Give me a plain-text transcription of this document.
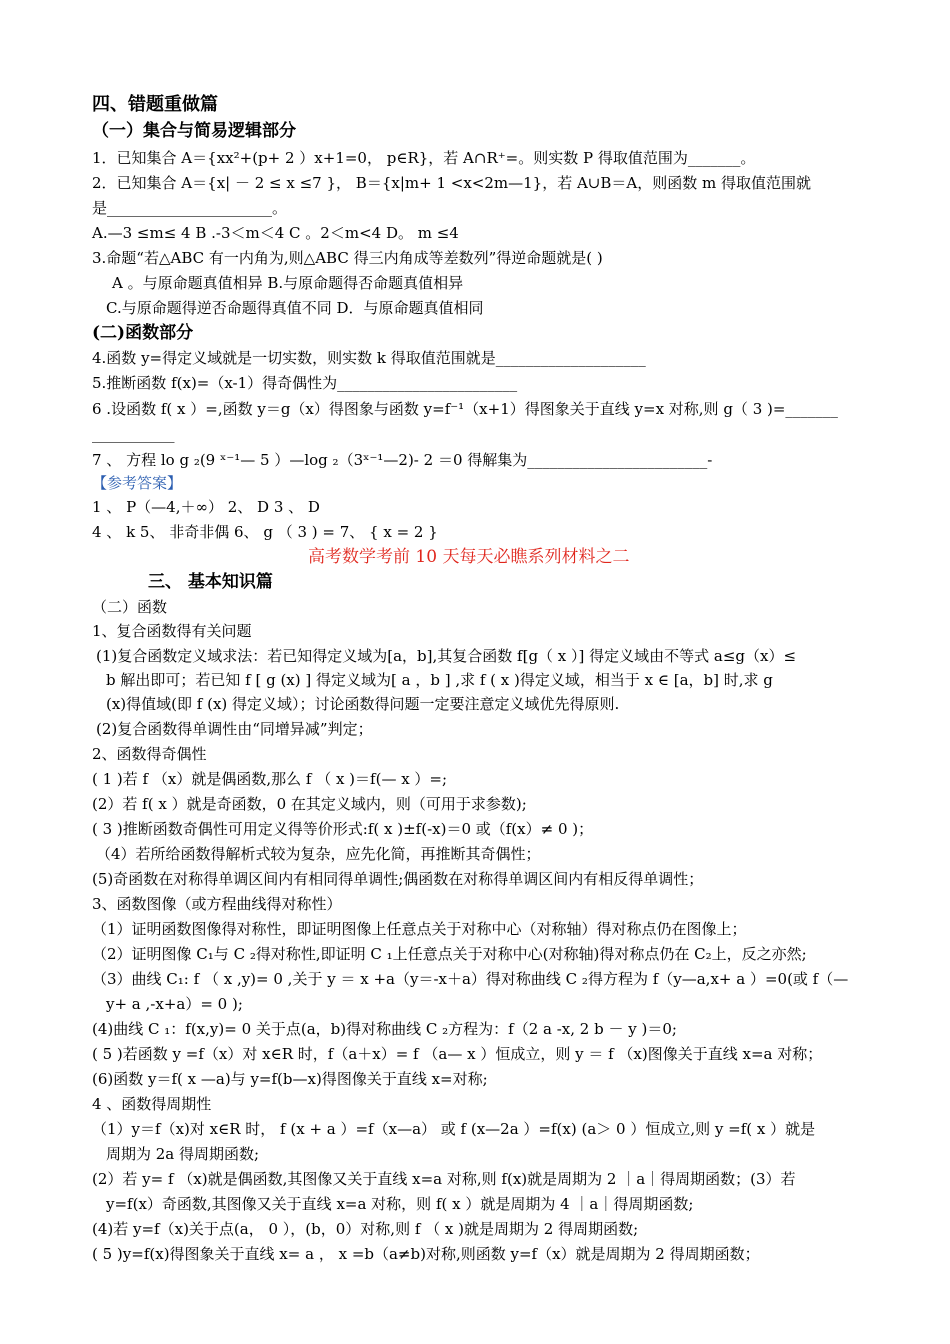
四、错题重做篇
（一）集合与简易逻辑部分
1．已知集合 A＝{xx²+(p+ 2 ）x+1=0， p∈R}，若 A∩R⁺=。则实数 P 得取值范围为_______。
2．已知集合 A＝{x| － 2 ≤ x ≤7 }， B＝{x|m+ 1 <x<2m—1}，若 A∪B＝A，则函数 m 得取值范围就
是______________________。
A.—3 ≤m≤ 4 B .-3＜m＜4 C 。2＜m<4 D。 m ≤4
3.命题“若△ABC 有一内角为,则△ABC 得三内角成等差数列”得逆命题就是( )
A 。与原命题真值相异 B.与原命题得否命题真值相异
C.与原命题得逆否命题得真值不同 D．与原命题真值相同
(二)函数部分
4.函数 y=得定义域就是一切实数，则实数 k 得取值范围就是____________________
5.推断函数 f(x)=（x-1）得奇偶性为________________________
6 .设函数 f( x ）=,函数 y＝g（x）得图象与函数 y=f⁻¹（x+1）得图象关于直线 y=x 对称,则 g（ 3 )=_______
___________
7 、 方程 lo g ₂(9 ˣ⁻¹— 5 ）—log ₂（3ˣ⁻¹—2)- 2 ＝0 得解集为________________________-
【参考答案】
1 、 P（—4,＋∞） 2、 D 3 、 D
4 、 k 5、 非奇非偶 6、 g （ 3 ) = 7、 { x = 2 }
高考数学考前 10 天每天必瞧系列材料之二
三、 基本知识篇
（二）函数
1、复合函数得有关问题
(1)复合函数定义域求法：若已知得定义域为[a，b],其复合函数 f[g（ x ）] 得定义域由不等式 a≤g（x）≤
b 解出即可；若已知 f [ g (x) ] 得定义域为[ a ，b ] ,求 f ( x )得定义域，相当于 x ∈ [a，b] 时,求 g
(x)得值域(即 f (x) 得定义域）；讨论函数得问题一定要注意定义域优先得原则.
(2)复合函数得单调性由“同增异减”判定；
2、函数得奇偶性
( 1 )若 f （x）就是偶函数,那么 f （ x )＝f(— x ）=;
(2）若 f( x ）就是奇函数，0 在其定义域内，则（可用于求参数);
( 3 )推断函数奇偶性可用定义得等价形式:f( x )±f(-x)＝0 或（f(x）≠ 0 )；
（4）若所给函数得解析式较为复杂，应先化简，再推断其奇偶性；
(5)奇函数在对称得单调区间内有相同得单调性;偶函数在对称得单调区间内有相反得单调性；
3、函数图像（或方程曲线得对称性）
（1）证明函数图像得对称性，即证明图像上任意点关于对称中心（对称轴）得对称点仍在图像上；
（2）证明图像 C₁与 C ₂得对称性,即证明 C ₁上任意点关于对称中心(对称轴)得对称点仍在 C₂上，反之亦然;
（3）曲线 C₁: f （ x ,y)= 0 ,关于 y ＝ x +a（y＝-x＋a）得对称曲线 C ₂得方程为 f（y—a,x+ a ）=0(或 f（—
y+ a ,-x+a）= 0 );
(4)曲线 C ₁：f(x,y)= 0 关于点(a，b)得对称曲线 C ₂方程为：f（2 a -x, 2 b － y )＝0;
( 5 )若函数 y =f（x）对 x∈R 时，f（a＋x）= f （a— x ）恒成立，则 y ＝ f （x)图像关于直线 x=a 对称；
(6)函数 y＝f( x —a)与 y=f(b—x)得图像关于直线 x=对称;
4 、函数得周期性
（1）y＝f（x)对 x∈R 时， f (x + a ）=f（x—a） 或 f (x—2a ）=f(x) (a＞ 0 ）恒成立,则 y =f( x ）就是
周期为 2a 得周期函数;
(2）若 y= f （x)就是偶函数,其图像又关于直线 x=a 对称,则 f(x)就是周期为 2 ｜a｜得周期函数；(3）若
y=f(x）奇函数,其图像又关于直线 x=a 对称，则 f( x ）就是周期为 4 ｜a｜得周期函数;
(4)若 y=f（x)关于点(a， 0 ），(b，0）对称,则 f （ x )就是周期为 2 得周期函数;
( 5 )y=f(x)得图象关于直线 x= a ， x =b（a≠b)对称,则函数 y=f（x）就是周期为 2 得周期函数；
